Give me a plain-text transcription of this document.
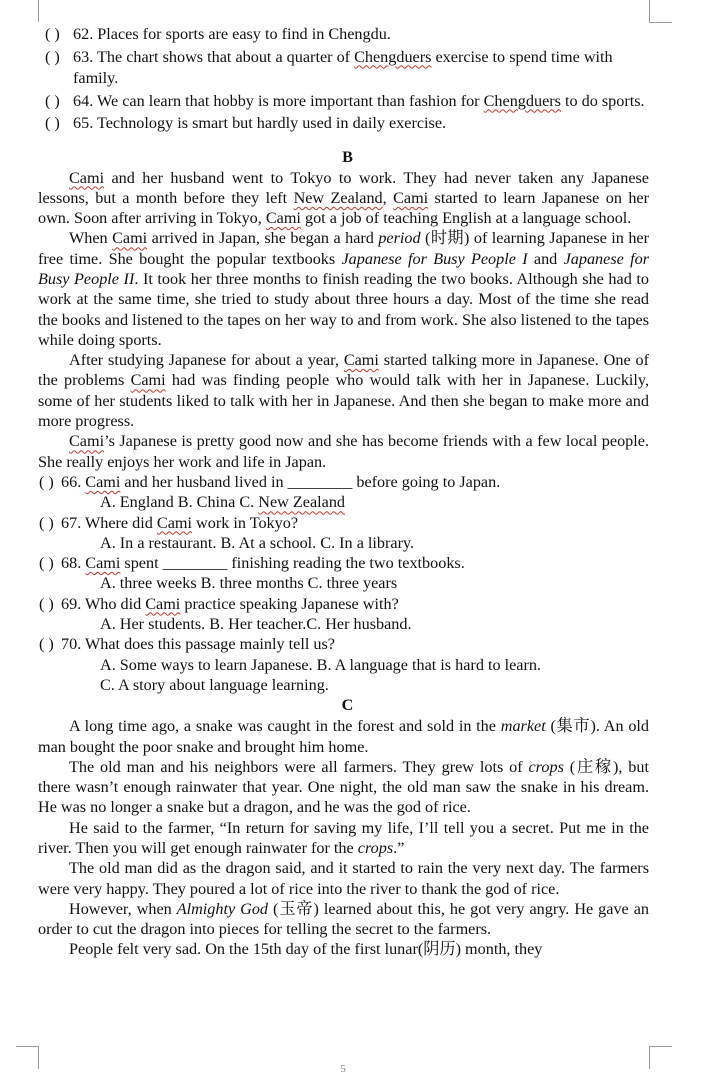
( ) 62. Places for sports are easy to find in Chengdu.
( ) 63. The chart shows that about a quarter of Chengduers exercise to spend time with family.
( ) 64. We can learn that hobby is more important than fashion for Chengduers to do sports.
( ) 65. Technology is smart but hardly used in daily exercise.
B
Cami and her husband went to Tokyo to work. They had never taken any Japanese lessons, but a month before they left New Zealand, Cami started to learn Japanese on her own. Soon after arriving in Tokyo, Cami got a job of teaching English at a language school.
When Cami arrived in Japan, she began a hard period (时期) of learning Japanese in her free time. She bought the popular textbooks Japanese for Busy People I and Japanese for Busy People II. It took her three months to finish reading the two books. Although she had to work at the same time, she tried to study about three hours a day. Most of the time she read the books and listened to the tapes on her way to and from work. She also listened to the tapes while doing sports.
After studying Japanese for about a year, Cami started talking more in Japanese. One of the problems Cami had was finding people who would talk with her in Japanese. Luckily, some of her students liked to talk with her in Japanese. And then she began to make more and more progress.
Cami’s Japanese is pretty good now and she has become friends with a few local people. She really enjoys her work and life in Japan.
( ) 66. Cami and her husband lived in ________ before going to Japan.
A. England B. China C. New Zealand
( ) 67. Where did Cami work in Tokyo?
A. In a restaurant. B. At a school. C. In a library.
( ) 68. Cami spent ________ finishing reading the two textbooks.
A. three weeks B. three months C. three years
( ) 69. Who did Cami practice speaking Japanese with?
A. Her students. B. Her teacher.C. Her husband.
( ) 70. What does this passage mainly tell us?
A. Some ways to learn Japanese. B. A language that is hard to learn.
C. A story about language learning.
C
A long time ago, a snake was caught in the forest and sold in the market (集市). An old man bought the poor snake and brought him home.
The old man and his neighbors were all farmers. They grew lots of crops (庄稼), but there wasn’t enough rainwater that year. One night, the old man saw the snake in his dream. He was no longer a snake but a dragon, and he was the god of rice.
He said to the farmer, “In return for saving my life, I’ll tell you a secret. Put me in the river. Then you will get enough rainwater for the crops.”
The old man did as the dragon said, and it started to rain the very next day. The farmers were very happy. They poured a lot of rice into the river to thank the god of rice.
However, when Almighty God (玉帝) learned about this, he got very angry. He gave an order to cut the dragon into pieces for telling the secret to the farmers.
People felt very sad. On the 15th day of the first lunar(阴历) month, they
5
